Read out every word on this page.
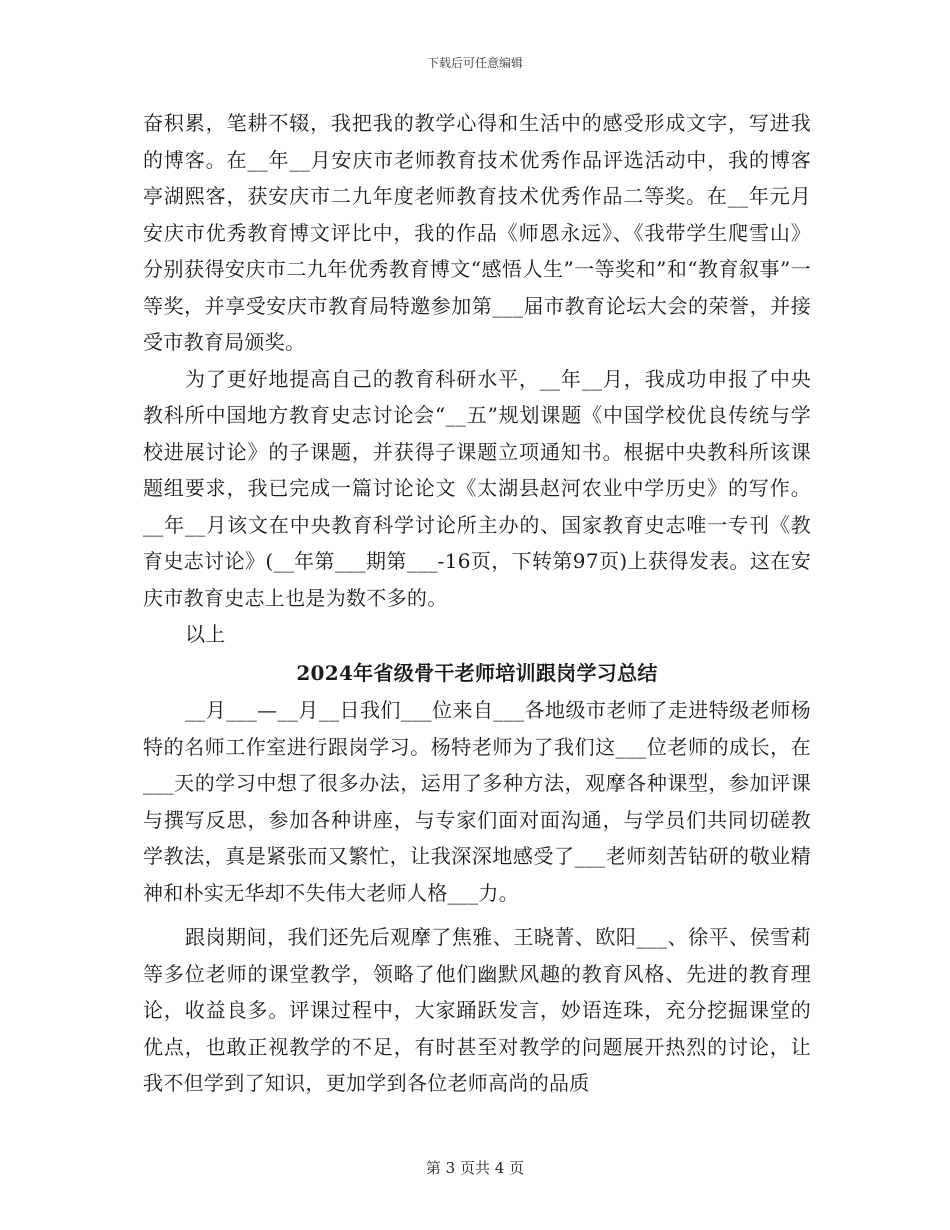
下载后可任意编辑

奋积累，笔耕不辍，我把我的教学心得和生活中的感受形成文字，写进我的博客。在__年__月安庆市老师教育技术优秀作品评选活动中，我的博客亭湖熙客，获安庆市二九年度老师教育技术优秀作品二等奖。在__年元月安庆市优秀教育博文评比中，我的作品《师恩永远》、《我带学生爬雪山》分别获得安庆市二九年优秀教育博文“感悟人生”一等奖和”和“教育叙事”一等奖，并享受安庆市教育局特邀参加第___届市教育论坛大会的荣誉，并接受市教育局颁奖。

为了更好地提高自己的教育科研水平，__年__月，我成功申报了中央教科所中国地方教育史志讨论会“__五”规划课题《中国学校优良传统与学校进展讨论》的子课题，并获得子课题立项通知书。根据中央教科所该课题组要求，我已完成一篇讨论论文《太湖县赵河农业中学历史》的写作。__年__月该文在中央教育科学讨论所主办的、国家教育史志唯一专刊《教育史志讨论》(__年第___期第___-16页，下转第97页)上获得发表。这在安庆市教育史志上也是为数不多的。

以上

2024年省级骨干老师培训跟岗学习总结

__月___—__月__日我们___位来自___各地级市老师了走进特级老师杨特的名师工作室进行跟岗学习。杨特老师为了我们这___位老师的成长，在___天的学习中想了很多办法，运用了多种方法，观摩各种课型，参加评课与撰写反思，参加各种讲座，与专家们面对面沟通，与学员们共同切磋教学教法，真是紧张而又繁忙，让我深深地感受了___老师刻苦钻研的敬业精神和朴实无华却不失伟大老师人格___力。

跟岗期间，我们还先后观摩了焦雅、王晓菁、欧阳___、徐平、侯雪莉等多位老师的课堂教学，领略了他们幽默风趣的教育风格、先进的教育理论，收益良多。评课过程中，大家踊跃发言，妙语连珠，充分挖掘课堂的优点，也敢正视教学的不足，有时甚至对教学的问题展开热烈的讨论，让我不但学到了知识，更加学到各位老师高尚的品质

第 3 页共 4 页
